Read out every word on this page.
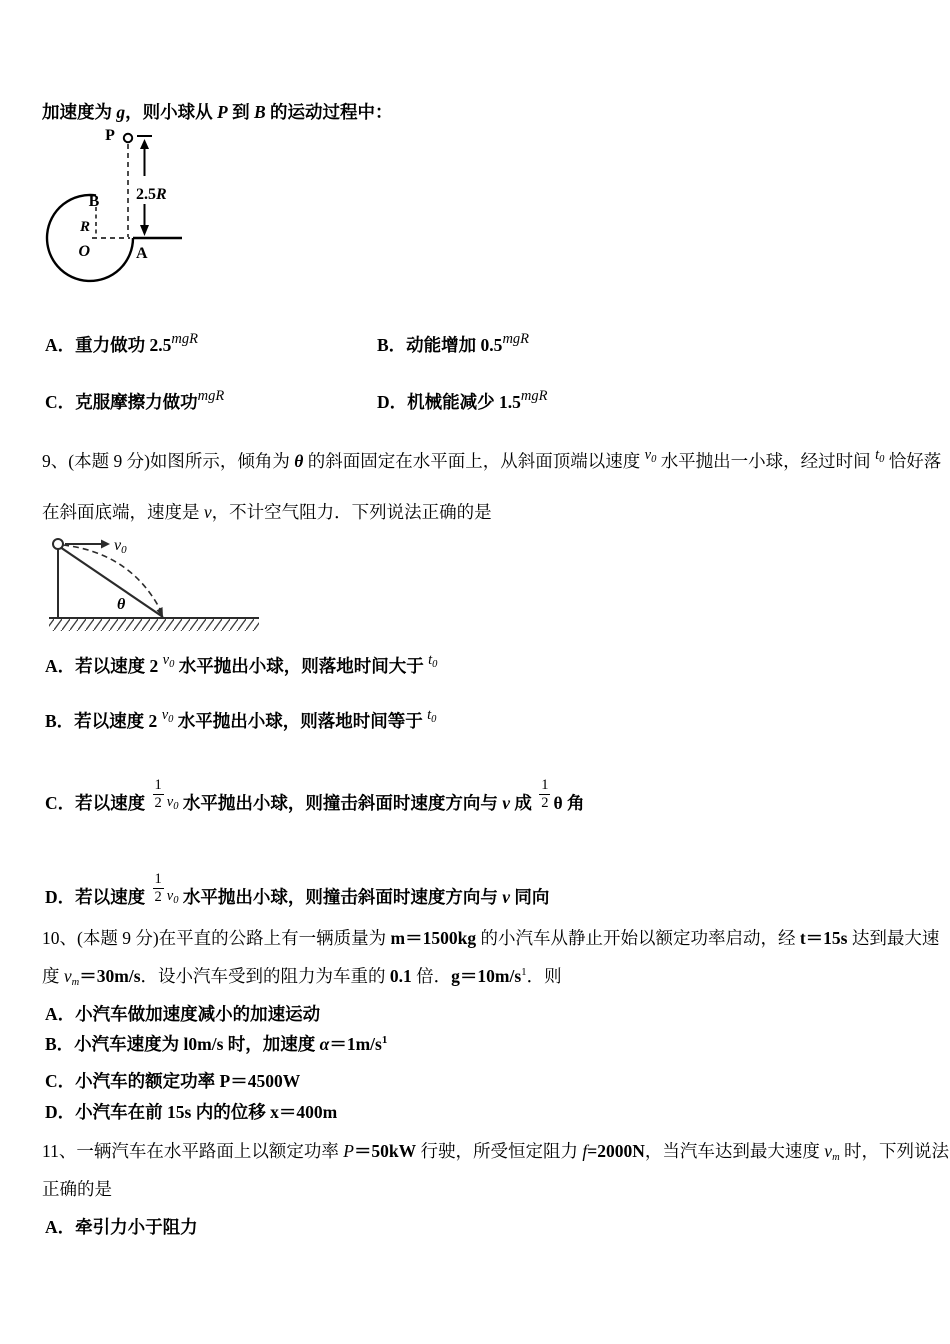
加速度为 g，则小球从 P 到 B 的运动过程中：
2.5R
P
B
R
O	A
A．重力做功 2.5mgR	B．动能增加 0.5mgR
C．克服摩擦力做功mgR	D．机械能减少 1.5mgR
9、(本题 9 分)如图所示，倾角为 θ 的斜面固定在水平面上，从斜面顶端以速度 $v_0$ 水平抛出一小球，经过时间 $t_0$ 恰好落
在斜面底端，速度是 v，不计空气阻力．下列说法正确的是
v0
θ
A．若以速度 2 $v_0$ 水平抛出小球，则落地时间大于 $t_0$
B．若以速度 2 $v_0$ 水平抛出小球，则落地时间等于 $t_0$
C．若以速度 $\frac{1}{2} v_0$ 水平抛出小球，则撞击斜面时速度方向与 v 成 $\frac{1}{2}$ θ 角
D．若以速度 $\frac{1}{2} v_0$ 水平抛出小球，则撞击斜面时速度方向与 v 同向
10、(本题 9 分)在平直的公路上有一辆质量为 m＝1500kg 的小汽车从静止开始以额定功率启动，经 t＝15s 达到最大速
度 vm＝30m/s．设小汽车受到的阻力为车重的 0.1 倍．g＝10m/s1．则
A．小汽车做加速度减小的加速运动
B．小汽车速度为 l0m/s 时，加速度 α＝1m/s1
C．小汽车的额定功率 P＝4500W
D．小汽车在前 15s 内的位移 x＝400m
11、一辆汽车在水平路面上以额定功率 P＝50kW 行驶，所受恒定阻力 f=2000N，当汽车达到最大速度 vm 时，下列说法
正确的是
A．牵引力小于阻力
